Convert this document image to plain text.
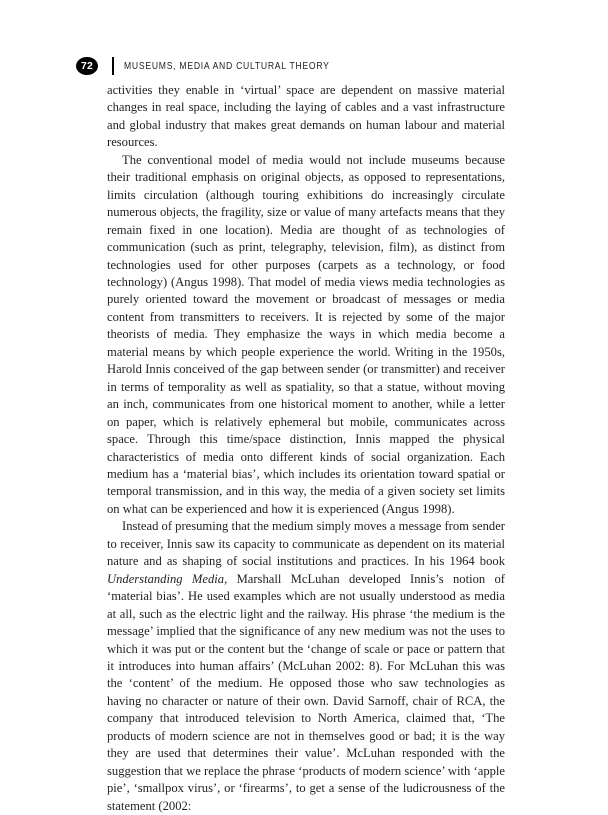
72	MUSEUMS, MEDIA AND CULTURAL THEORY

activities they enable in ‘virtual’ space are dependent on massive material changes in real space, including the laying of cables and a vast infrastructure and global industry that makes great demands on human labour and material resources.

The conventional model of media would not include museums because their traditional emphasis on original objects, as opposed to representations, limits circulation (although touring exhibitions do increasingly circulate numerous objects, the fragility, size or value of many artefacts means that they remain fixed in one location). Media are thought of as technologies of communication (such as print, telegraphy, television, film), as distinct from technologies used for other purposes (carpets as a technology, or food technology) (Angus 1998). That model of media views media technologies as purely oriented toward the movement or broadcast of messages or media content from transmitters to receivers. It is rejected by some of the major theorists of media. They emphasize the ways in which media become a material means by which people experience the world. Writing in the 1950s, Harold Innis conceived of the gap between sender (or transmitter) and receiver in terms of temporality as well as spatiality, so that a statue, without moving an inch, communicates from one historical moment to another, while a letter on paper, which is relatively ephemeral but mobile, communicates across space. Through this time/space distinction, Innis mapped the physical characteristics of media onto different kinds of social organization. Each medium has a ‘material bias’, which includes its orientation toward spatial or temporal transmission, and in this way, the media of a given society set limits on what can be experienced and how it is experienced (Angus 1998).

Instead of presuming that the medium simply moves a message from sender to receiver, Innis saw its capacity to communicate as dependent on its material nature and as shaping of social institutions and practices. In his 1964 book Understanding Media, Marshall McLuhan developed Innis’s notion of ‘material bias’. He used examples which are not usually understood as media at all, such as the electric light and the railway. His phrase ‘the medium is the message’ implied that the significance of any new medium was not the uses to which it was put or the content but the ‘change of scale or pace or pattern that it introduces into human affairs’ (McLuhan 2002: 8). For McLuhan this was the ‘content’ of the medium. He opposed those who saw technologies as having no character or nature of their own. David Sarnoff, chair of RCA, the company that introduced television to North America, claimed that, ‘The products of modern science are not in themselves good or bad; it is the way they are used that determines their value’. McLuhan responded with the suggestion that we replace the phrase ‘products of modern science’ with ‘apple pie’, ‘smallpox virus’, or ‘firearms’, to get a sense of the ludicrousness of the statement (2002:
